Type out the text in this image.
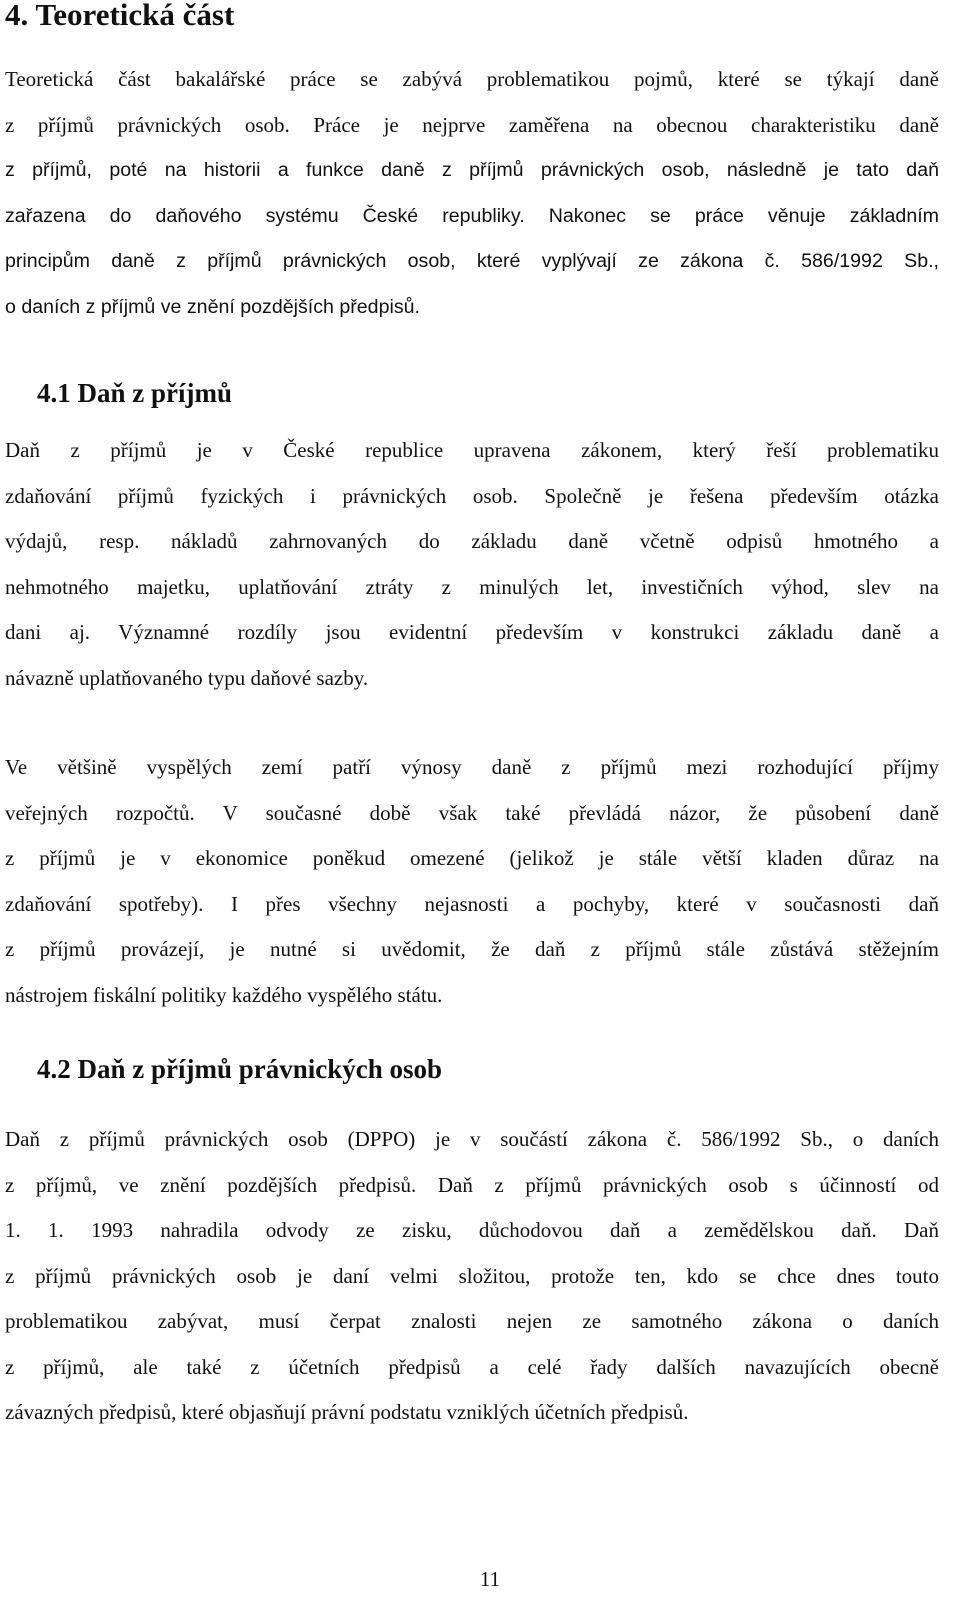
4. Teoretická část
Teoretická část bakalářské práce se zabývá problematikou pojmů, které se týkají daně
z příjmů právnických osob. Práce je nejprve zaměřena na obecnou charakteristiku daně
z příjmů, poté na historii a funkce daně z příjmů právnických osob, následně je tato daň
zařazena do daňového systému České republiky. Nakonec se práce věnuje základním
principům daně z příjmů právnických osob, které vyplývají ze zákona č. 586/1992 Sb.,
o daních z příjmů ve znění pozdějších předpisů.
4.1 Daň z příjmů
Daň z příjmů je v České republice upravena zákonem, který řeší problematiku
zdaňování příjmů fyzických i právnických osob. Společně je řešena především otázka
výdajů, resp. nákladů zahrnovaných do základu daně včetně odpisů hmotného a
nehmotného majetku, uplatňování ztráty z minulých let, investičních výhod, slev na
dani aj. Významné rozdíly jsou evidentní především v konstrukci základu daně a
návazně uplatňovaného typu daňové sazby.
Ve většině vyspělých zemí patří výnosy daně z příjmů mezi rozhodující příjmy
veřejných rozpočtů. V současné době však také převládá názor, že působení daně
z příjmů je v ekonomice poněkud omezené (jelikož je stále větší kladen důraz na
zdaňování spotřeby). I přes všechny nejasnosti a pochyby, které v současnosti daň
z příjmů provázejí, je nutné si uvědomit, že daň z příjmů stále zůstává stěžejním
nástrojem fiskální politiky každého vyspělého státu.
4.2 Daň z příjmů právnických osob
Daň z příjmů právnických osob (DPPO) je v součástí zákona č. 586/1992 Sb., o daních
z příjmů, ve znění pozdějších předpisů. Daň z příjmů právnických osob s účinností od
1. 1. 1993 nahradila odvody ze zisku, důchodovou daň a zemědělskou daň. Daň
z příjmů právnických osob je daní velmi složitou, protože ten, kdo se chce dnes touto
problematikou zabývat, musí čerpat znalosti nejen ze samotného zákona o daních
z příjmů, ale také z účetních předpisů a celé řady dalších navazujících obecně
závazných předpisů, které objasňují právní podstatu vzniklých účetních předpisů.
11
